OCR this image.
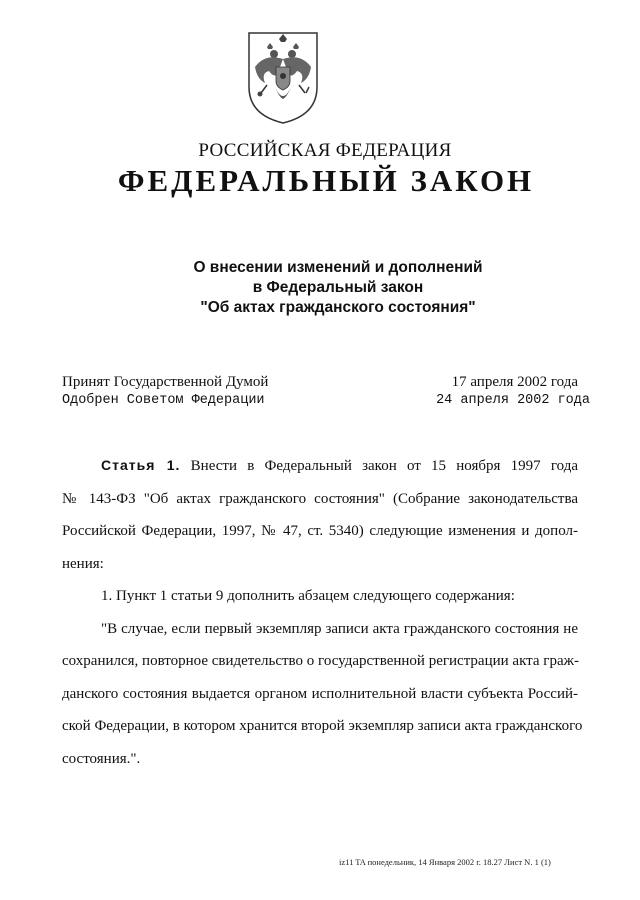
РОССИЙСКАЯ ФЕДЕРАЦИЯ
ФЕДЕРАЛЬНЫЙ ЗАКОН
О внесении изменений и дополнений
в Федеральный закон
"Об актах гражданского состояния"
Принят Государственной Думой	17 апреля 2002 года
Одобрен Советом Федерации	24 апреля 2002 года
Статья 1. Внести в Федеральный закон от 15 ноября 1997 года
№ 143-ФЗ "Об актах гражданского состояния" (Собрание законодательства
Российской Федерации, 1997, № 47, ст. 5340) следующие изменения и допол-
нения:
1. Пункт 1 статьи 9 дополнить абзацем следующего содержания:
"В случае, если первый экземпляр записи акта гражданского состояния не
сохранился, повторное свидетельство о государственной регистрации акта граж-
данского состояния выдается органом исполнительной власти субъекта Россий-
ской Федерации, в котором хранится второй экземпляр записи акта гражданского
состояния.".
iz11 TA понедельник, 14 Января 2002 г. 18.27 Лист N. 1 (1)
